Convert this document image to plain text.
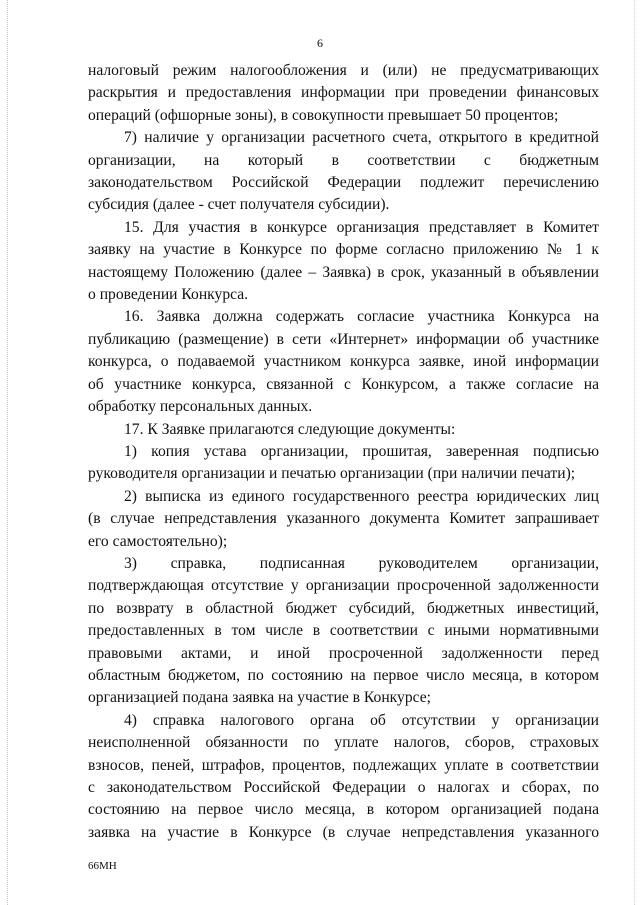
6

налоговый режим налогообложения и (или) не предусматривающих
раскрытия и предоставления информации при проведении финансовых
операций (офшорные зоны), в совокупности превышает 50 процентов;

7) наличие у организации расчетного счета, открытого в кредитной
организации, на который в соответствии с бюджетным
законодательством Российской Федерации подлежит перечислению
субсидия (далее - счет получателя субсидии).

15. Для участия в конкурсе организация представляет в Комитет
заявку на участие в Конкурсе по форме согласно приложению № 1 к
настоящему Положению (далее – Заявка) в срок, указанный в объявлении
о проведении Конкурса.

16. Заявка должна содержать согласие участника Конкурса на
публикацию (размещение) в сети «Интернет» информации об участнике
конкурса, о подаваемой участником конкурса заявке, иной информации
об участнике конкурса, связанной с Конкурсом, а также согласие на
обработку персональных данных.

17. К Заявке прилагаются следующие документы:

1) копия устава организации, прошитая, заверенная подписью
руководителя организации и печатью организации (при наличии печати);

2) выписка из единого государственного реестра юридических лиц
(в случае непредставления указанного документа Комитет запрашивает
его самостоятельно);

3) справка, подписанная руководителем организации,
подтверждающая отсутствие у организации просроченной задолженности
по возврату в областной бюджет субсидий, бюджетных инвестиций,
предоставленных в том числе в соответствии с иными нормативными
правовыми актами, и иной просроченной задолженности перед
областным бюджетом, по состоянию на первое число месяца, в котором
организацией подана заявка на участие в Конкурсе;

4) справка налогового органа об отсутствии у организации
неисполненной обязанности по уплате налогов, сборов, страховых
взносов, пеней, штрафов, процентов, подлежащих уплате в соответствии
с законодательством Российской Федерации о налогах и сборах, по
состоянию на первое число месяца, в котором организацией подана
заявка на участие в Конкурсе (в случае непредставления указанного

66МН
